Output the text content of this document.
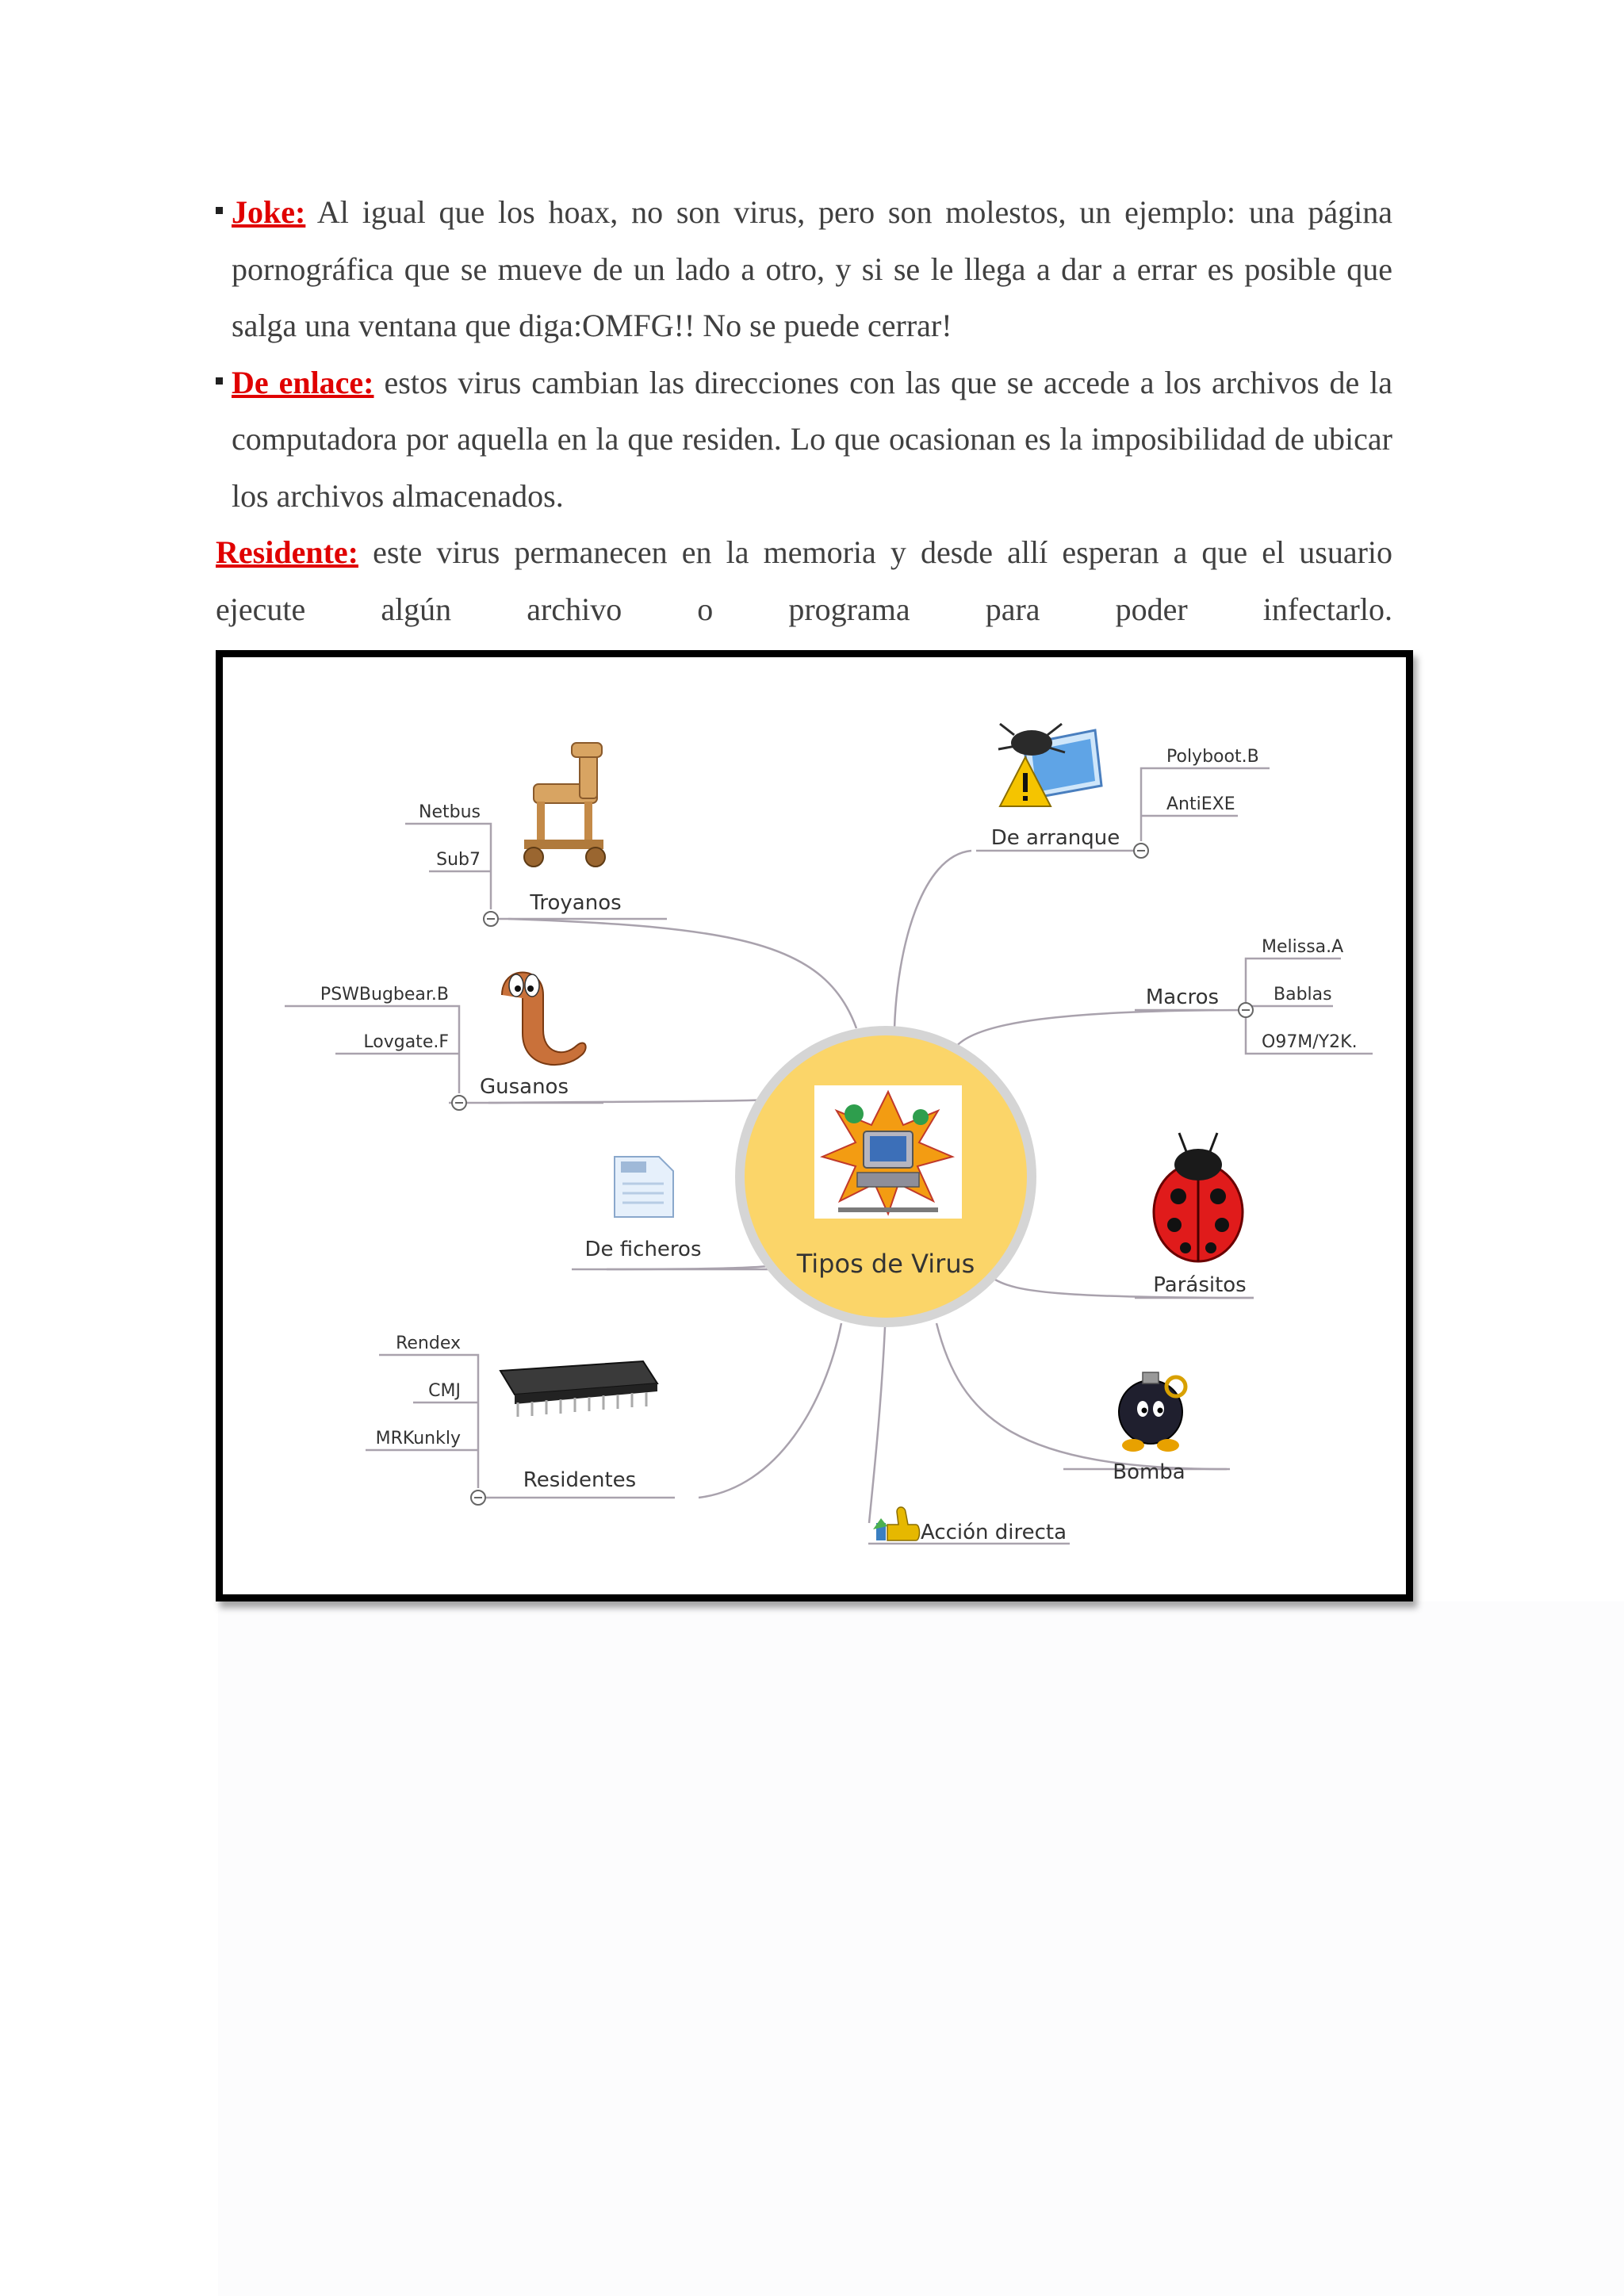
Joke: Al igual que los hoax, no son virus, pero son molestos, un ejemplo: una página pornográfica que se mueve de un lado a otro, y si se le llega a dar a errar es posible que salga una ventana que diga:OMFG!! No se puede cerrar!

De enlace: estos virus cambian las direcciones con las que se accede a los archivos de la computadora por aquella en la que residen. Lo que ocasionan es la imposibilidad de ubicar los archivos almacenados.

Residente: este virus permanecen en la memoria y desde allí esperan a que el usuario ejecute algún archivo o programa para poder infectarlo.

Tipos de Virus
Troyanos
Netbus
Sub7
Gusanos
PSWBugbear.B
Lovgate.F
De ficheros
Residentes
Rendex
CMJ
MRKunkly
De arranque
Polyboot.B
AntiEXE
Macros
Melissa.A
Bablas
O97M/Y2K.
Parásitos
Bomba
Acción directa
